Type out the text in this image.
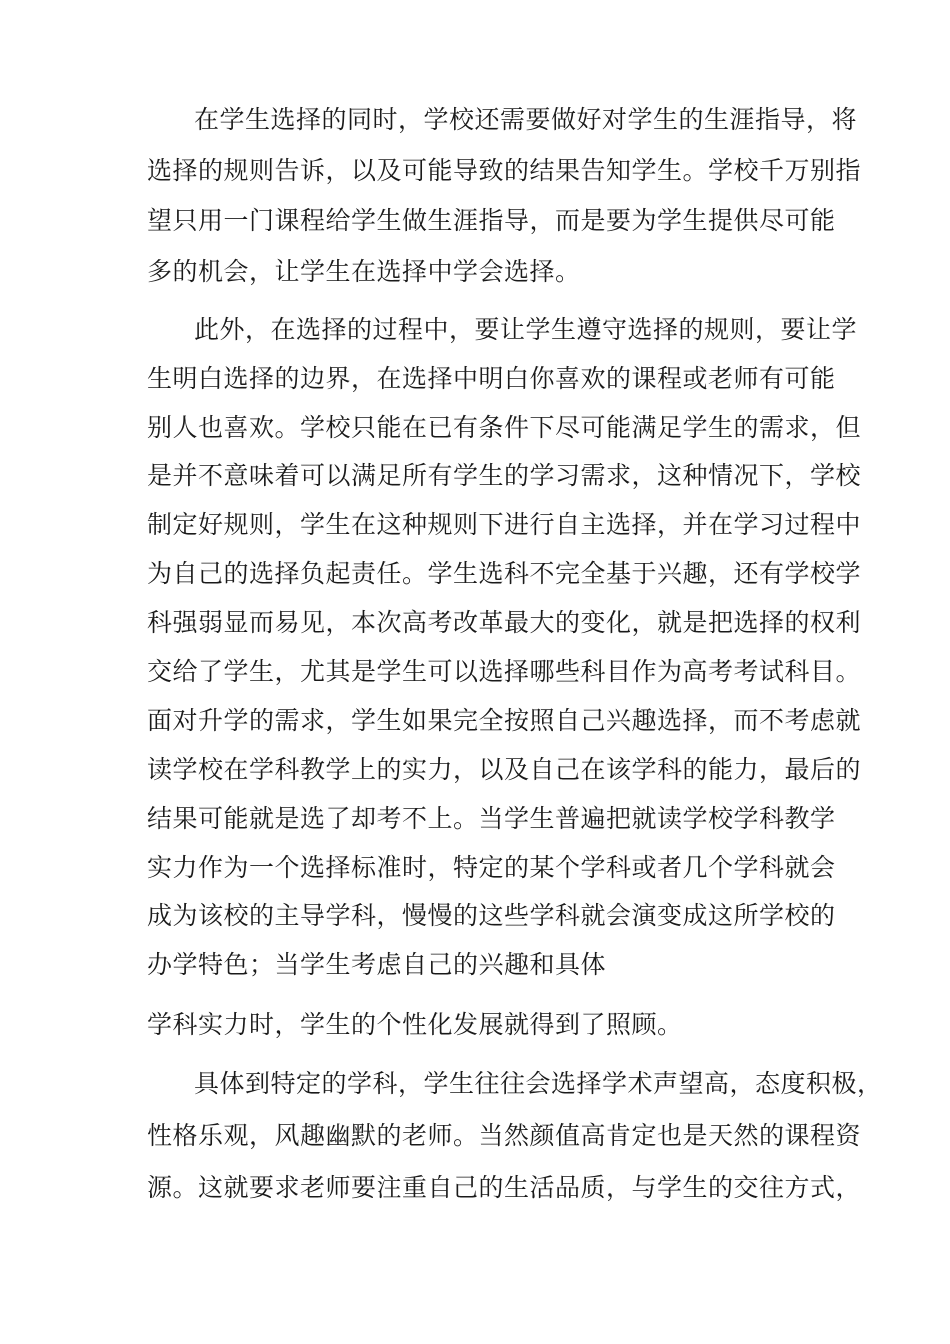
在学生选择的同时，学校还需要做好对学生的生涯指导，将

选择的规则告诉，以及可能导致的结果告知学生。学校千万别指

望只用一门课程给学生做生涯指导，而是要为学生提供尽可能

多的机会，让学生在选择中学会选择。

此外，在选择的过程中，要让学生遵守选择的规则，要让学

生明白选择的边界，在选择中明白你喜欢的课程或老师有可能

别人也喜欢。学校只能在已有条件下尽可能满足学生的需求，但

是并不意味着可以满足所有学生的学习需求，这种情况下，学校

制定好规则，学生在这种规则下进行自主选择，并在学习过程中

为自己的选择负起责任。学生选科不完全基于兴趣，还有学校学

科强弱显而易见，本次高考改革最大的变化，就是把选择的权利

交给了学生，尤其是学生可以选择哪些科目作为高考考试科目。

面对升学的需求，学生如果完全按照自己兴趣选择，而不考虑就

读学校在学科教学上的实力，以及自己在该学科的能力，最后的

结果可能就是选了却考不上。当学生普遍把就读学校学科教学

实力作为一个选择标准时，特定的某个学科或者几个学科就会

成为该校的主导学科，慢慢的这些学科就会演变成这所学校的

办学特色；当学生考虑自己的兴趣和具体

学科实力时，学生的个性化发展就得到了照顾。

具体到特定的学科，学生往往会选择学术声望高，态度积极，

性格乐观，风趣幽默的老师。当然颜值高肯定也是天然的课程资

源。这就要求老师要注重自己的生活品质，与学生的交往方式，
